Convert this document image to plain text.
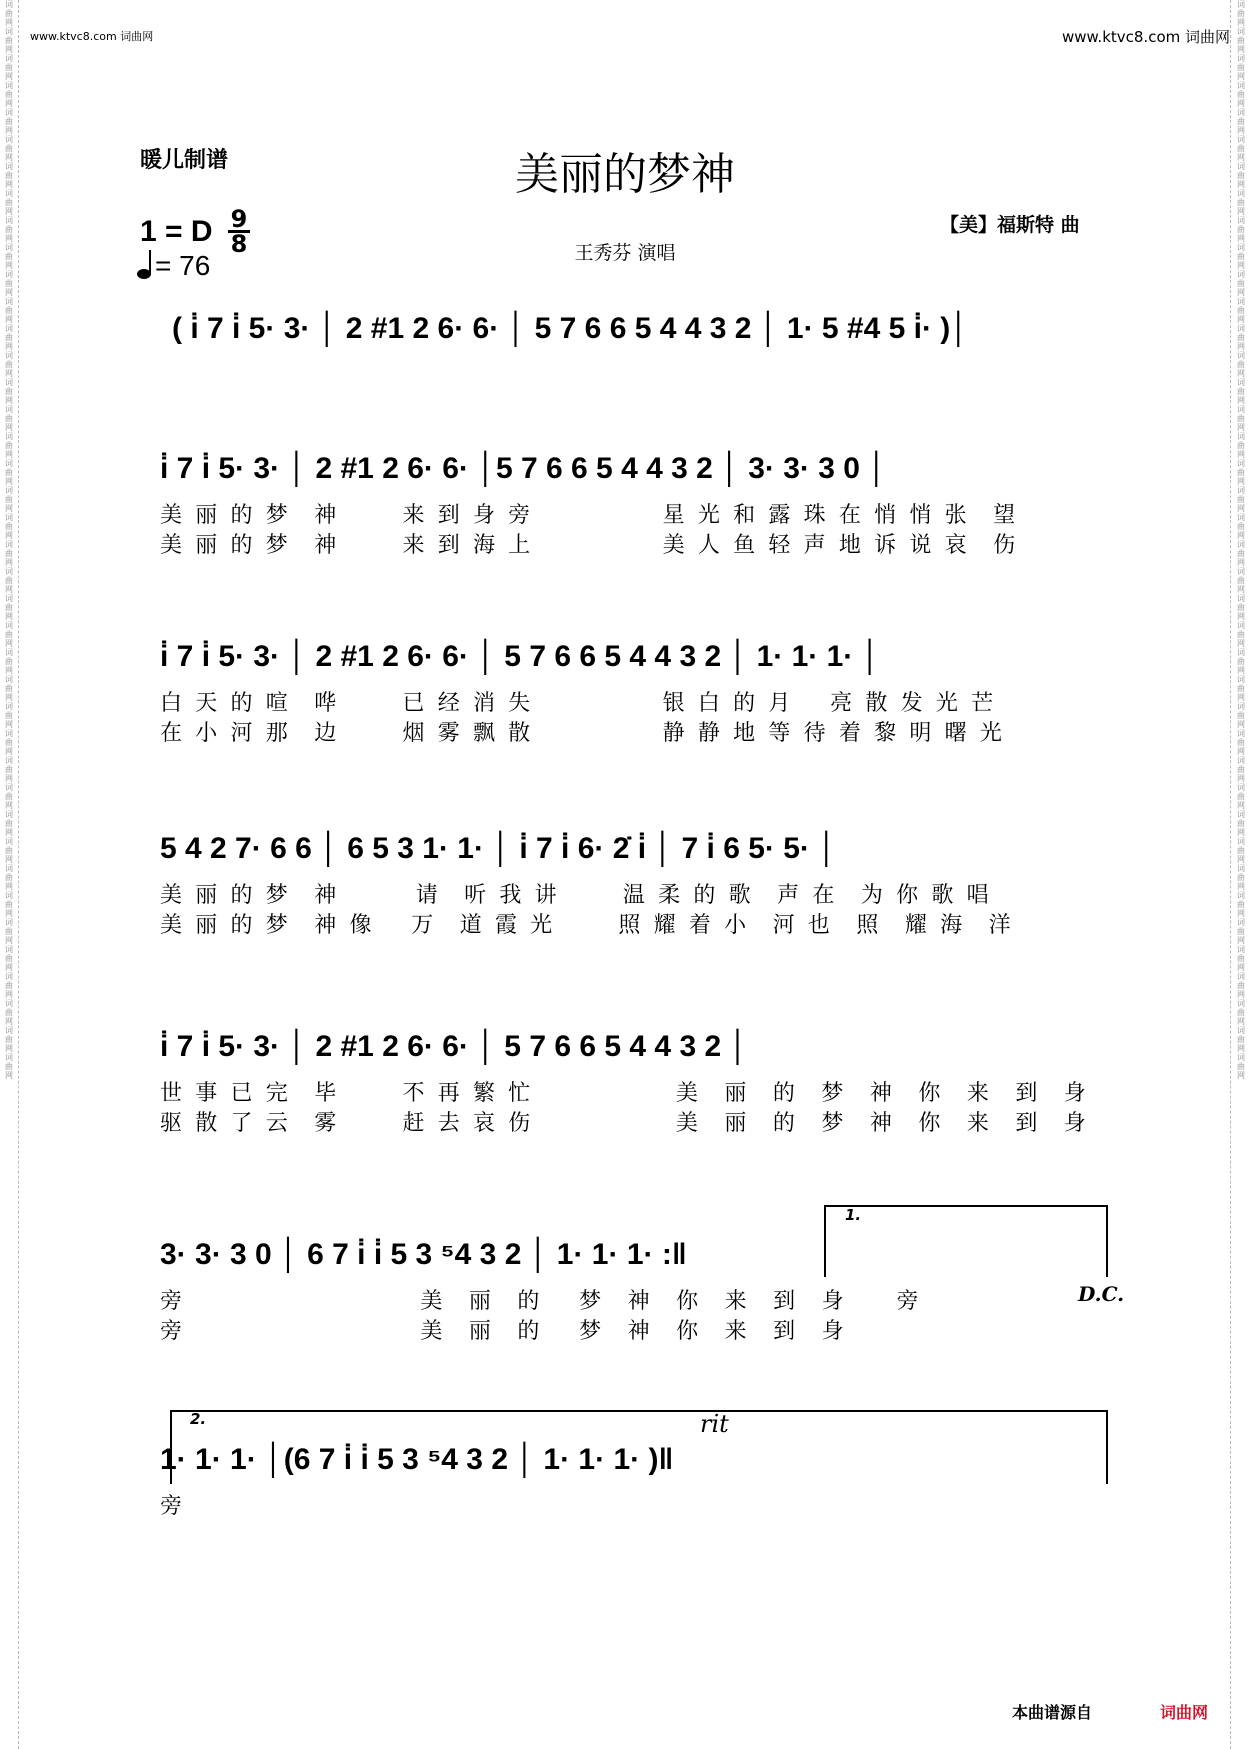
词曲网词曲网词曲网词曲网词曲网词曲网词曲网词曲网词曲网词曲网词曲网词曲网词曲网词曲网词曲网词曲网词曲网词曲网词曲网词曲网词曲网词曲网词曲网词曲网词曲网词曲网词曲网词曲网词曲网词曲网词曲网词曲网词曲网词曲网词曲网词曲网词曲网词曲网词曲网词曲网
词曲网词曲网词曲网词曲网词曲网词曲网词曲网词曲网词曲网词曲网词曲网词曲网词曲网词曲网词曲网词曲网词曲网词曲网词曲网词曲网词曲网词曲网词曲网词曲网词曲网词曲网词曲网词曲网词曲网词曲网词曲网词曲网词曲网词曲网词曲网词曲网词曲网词曲网词曲网词曲网
www.ktvc8.com 词曲网	www.ktvc8.com 词曲网
暖儿制谱	美丽的梦神
王秀芬 演唱
【美】福斯特 曲
1 = D 9
8
= 76
( i̇ 7 i̇ 5· 3· │ 2 #1 2 6· 6· │ 5 7 6 6 5 4 4 3 2 │ 1· 5 #4 5 i̇· )│
i̇ 7 i̇ 5· 3· │ 2 #1 2 6· 6· │5 7 6 6 5 4 4 3 2 │ 3· 3· 3 0 │
美 丽 的 梦  神     来 到 身 旁          星 光 和 露 珠 在 悄 悄 张  望
美 丽 的 梦  神     来 到 海 上          美 人 鱼 轻 声 地 诉 说 哀  伤
i̇ 7 i̇ 5· 3· │ 2 #1 2 6· 6· │ 5 7 6 6 5 4 4 3 2 │ 1· 1· 1· │
白 天 的 喧  哗     已 经 消 失          银 白 的 月   亮 散 发 光 芒
在 小 河 那  边     烟 雾 飘 散          静 静 地 等 待 着 黎 明 曙 光
5 4 2 7· 6 6 │ 6 5 3 1· 1· │ i̇ 7 i̇ 6· 2̇ i̇ │ 7 i̇ 6 5· 5· │
美 丽 的 梦  神      请  听 我 讲     温 柔 的 歌  声 在  为 你 歌 唱
美 丽 的 梦  神 像   万  道 霞 光     照 耀 着 小  河 也  照  耀 海  洋
i̇ 7 i̇ 5· 3· │ 2 #1 2 6· 6· │ 5 7 6 6 5 4 4 3 2 │
世 事 已 完  毕     不 再 繁 忙           美  丽  的  梦  神  你  来  到  身
驱 散 了 云  雾     赶 去 哀 伤           美  丽  的  梦  神  你  来  到  身
1.
3· 3· 3 0 │ 6 7 i̇ i̇ 5 3 ⁵4 3 2 │ 1· 1· 1· :‖
旁                  美  丽  的   梦  神  你  来  到  身    旁
旁                  美  丽  的   梦  神  你  来  到  身
D.C.
2.	rit
1· 1· 1· │(6 7 i̇ i̇ 5 3 ⁵4 3 2 │ 1· 1· 1· )‖
旁
本曲谱源自	词曲网
